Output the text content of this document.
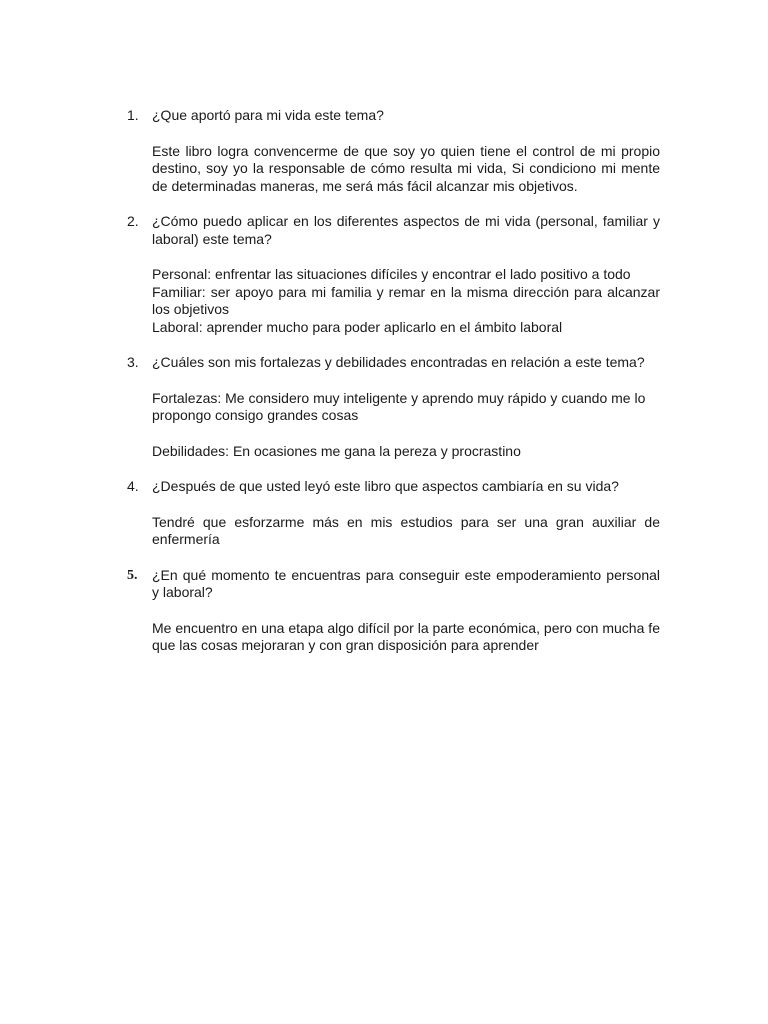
1. ¿Que aportó para mi vida este tema?
Este libro logra convencerme de que soy yo quien tiene el control de mi propio destino, soy yo la responsable de cómo resulta mi vida, Si condiciono mi mente de determinadas maneras, me será más fácil alcanzar mis objetivos.
2. ¿Cómo puedo aplicar en los diferentes aspectos de mi vida (personal, familiar y laboral) este tema?
Personal: enfrentar las situaciones difíciles y encontrar el lado positivo a todo
Familiar: ser apoyo para mi familia y remar en la misma dirección para alcanzar los objetivos
Laboral: aprender mucho para poder aplicarlo en el ámbito laboral
3. ¿Cuáles son mis fortalezas y debilidades encontradas en relación a este tema?
Fortalezas: Me considero muy inteligente y aprendo muy rápido y cuando me lo propongo consigo grandes cosas
Debilidades: En ocasiones me gana la pereza y procrastino
4. ¿Después de que usted leyó este libro que aspectos cambiaría en su vida?
Tendré que esforzarme más en mis estudios para ser una gran auxiliar de enfermería
5. ¿En qué momento te encuentras para conseguir este empoderamiento personal y laboral?
Me encuentro en una etapa algo difícil por la parte económica, pero con mucha fe que las cosas mejoraran y con gran disposición para aprender
